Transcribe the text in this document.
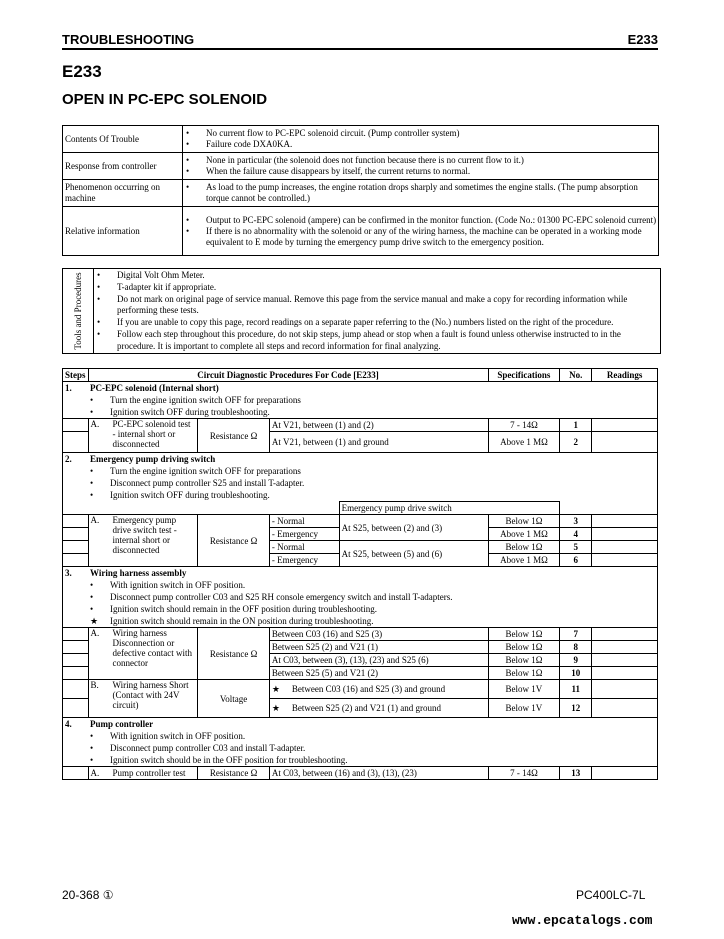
TROUBLESHOOTING	E233
E233
OPEN IN PC-EPC SOLENOID
Contents Of Trouble	• No current flow to PC-EPC solenoid circuit. (Pump controller system)
• Failure code DXA0KA.

Response from controller	• None in particular (the solenoid does not function because there is no current flow to it.)
• When the failure cause disappears by itself, the current returns to normal.

Phenomenon occurring on machine	• As load to the pump increases, the engine rotation drops sharply and sometimes the engine stalls. (The pump absorption torque cannot be controlled.)

Relative information	• Output to PC-EPC solenoid (ampere) can be confirmed in the monitor function. (Code No.: 01300 PC-EPC solenoid current)
• If there is no abnormality with the solenoid or any of the wiring harness, the machine can be operated in a working mode equivalent to E mode by turning the emergency pump drive switch to the emergency position.
Tools and Procedures	•	Digital Volt Ohm Meter.
•	T-adapter kit if appropriate.
•	Do not mark on original page of service manual. Remove this page from the service manual and make a copy for recording information while performing these tests.
•	If you are unable to copy this page, record readings on a separate paper referring to the (No.) numbers listed on the right of the procedure.
•	Follow each step throughout this procedure, do not skip steps, jump ahead or stop when a fault is found unless otherwise instructed to in the procedure. It is important to complete all steps and record information for final analyzing.
Steps	Circuit Diagnostic Procedures For Code [E233]				Specifications	No.	Readings
1.	PC-EPC solenoid (Internal short)						
	• Turn the engine ignition switch OFF for preparations						
	• Ignition switch OFF during troubleshooting.						

	A. PC-EPC solenoid test - internal short or disconnected	Resistance Ω	At V21, between (1) and (2)		7 - 14Ω	1	
			At V21, between (1) and ground		Above 1 MΩ	2	
2.	Emergency pump driving switch						
	• Turn the engine ignition switch OFF for preparations						
	• Disconnect pump controller S25 and install T-adapter.						
	• Ignition switch OFF during troubleshooting.						
				Emergency pump drive switch			

	A. Emergency pump drive switch test - internal short or disconnected	Resistance Ω	- Normal	At S25, between (2) and (3)	Below 1Ω	3	
			- Emergency		Above 1 MΩ	4	
			- Normal	At S25, between (5) and (6)	Below 1Ω	5	
			- Emergency		Above 1 MΩ	6	
3.	Wiring harness assembly						
	• With ignition switch in OFF position.						
	• Disconnect pump controller C03 and S25 RH console emergency switch and install T-adapters.						
	• Ignition switch should remain in the OFF position during troubleshooting.						
	★ Ignition switch should remain in the ON position during troubleshooting.						

	A. Wiring harness Disconnection or defective contact with connector	Resistance Ω	Between C03 (16) and S25 (3)		Below 1Ω	7	
			Between S25 (2) and V21 (1)		Below 1Ω	8	
			At C03, between (3), (13), (23) and S25 (6)		Below 1Ω	9	
			Between S25 (5) and V21 (2)		Below 1Ω	10	

	B. Wiring harness Short (Contact with 24V circuit)	Voltage	★ Between C03 (16) and S25 (3) and ground		Below 1V	11	
			★ Between S25 (2) and V21 (1) and ground		Below 1V	12	
4.	Pump controller						
	• With ignition switch in OFF position.						
	• Disconnect pump controller C03 and install T-adapter.						
	• Ignition switch should be in the OFF position for troubleshooting.						

	A. Pump controller test	Resistance Ω	At C03, between (16) and (3), (13), (23)		7 - 14Ω	13	
20-368 ①	PC400LC-7L
www.epcatalogs.com
